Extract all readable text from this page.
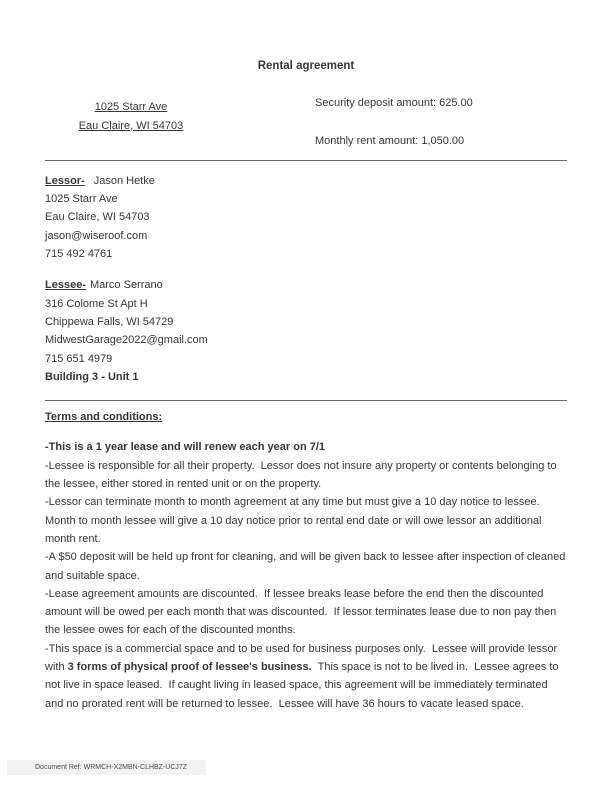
Rental agreement
1025 Starr Ave
Eau Claire, WI 54703
Security deposit amount: 625.00
Monthly rent amount: 1,050.00
Lessor- Jason Hetke
1025 Starr Ave
Eau Claire, WI 54703
jason@wiseroof.com
715 492 4761
Lessee- Marco Serrano
316 Colome St Apt H
Chippewa Falls, WI 54729
MidwestGarage2022@gmail.com
715 651 4979
Building 3 - Unit 1
Terms and conditions:

-This is a 1 year lease and will renew each year on 7/1

-Lessee is responsible for all their property.  Lessor does not insure any property or contents belonging to the lessee, either stored in rented unit or on the property.

-Lessor can terminate month to month agreement at any time but must give a 10 day notice to lessee.  Month to month lessee will give a 10 day notice prior to rental end date or will owe lessor an additional month rent.

-A $50 deposit will be held up front for cleaning, and will be given back to lessee after inspection of cleaned and suitable space.

-Lease agreement amounts are discounted.  If lessee breaks lease before the end then the discounted amount will be owed per each month that was discounted.  If lessor terminates lease due to non pay then the lessee owes for each of the discounted months.

-This space is a commercial space and to be used for business purposes only.  Lessee will provide lessor with 3 forms of physical proof of lessee's business.  This space is not to be lived in.  Lessee agrees to not live in space leased.  If caught living in leased space, this agreement will be immediately terminated and no prorated rent will be returned to lessee.  Lessee will have 36 hours to vacate leased space.

Document Ref: WRMCH-X2MBN-CLHBZ-UCJ7Z
